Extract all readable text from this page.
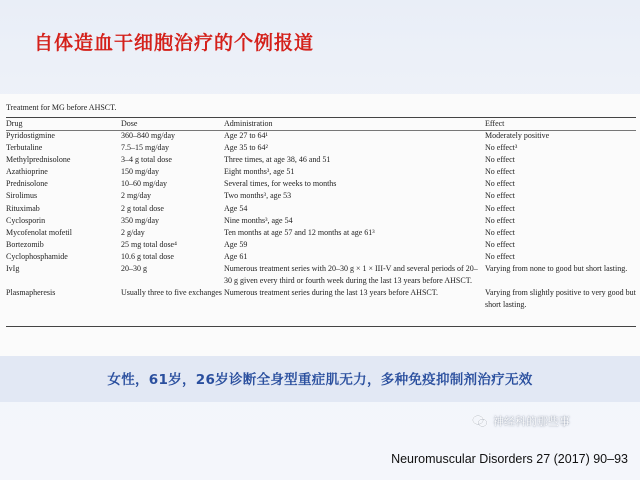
自体造血干细胞治疗的个例报道
Treatment for MG before AHSCT.
Drug	Dose	Administration	Effect
Pyridostigmine	360–840 mg/day	Age 27 to 64¹	Moderately positive
Terbutaline	7.5–15 mg/day	Age 35 to 64²	No effect³
Methylprednisolone	3–4 g total dose	Three times, at age 38, 46 and 51	No effect
Azathioprine	150 mg/day	Eight months³, age 51	No effect
Prednisolone	10–60 mg/day	Several times, for weeks to months	No effect
Sirolimus	2 mg/day	Two months³, age 53	No effect
Rituximab	2 g total dose	Age 54	No effect
Cyclosporin	350 mg/day	Nine months³, age 54	No effect
Mycofenolat mofetil	2 g/day	Ten months at age 57 and 12 months at age 61³	No effect
Bortezomib	25 mg total dose⁴	Age 59	No effect
Cyclophosphamide	10.6 g total dose	Age 61	No effect
IvIg	20–30 g	Numerous treatment series with 20–30 g × 1 × III-V and several periods of 20–30 g given every third or fourth week during the last 13 years before AHSCT.	Varying from none to good but short lasting.
Plasmapheresis	Usually three to five exchanges	Numerous treatment series during the last 13 years before AHSCT.	Varying from slightly positive to very good but short lasting.
女性，61岁，26岁诊断全身型重症肌无力，多种免疫抑制剂治疗无效
神经科的那些事
Neuromuscular Disorders 27 (2017) 90–93
